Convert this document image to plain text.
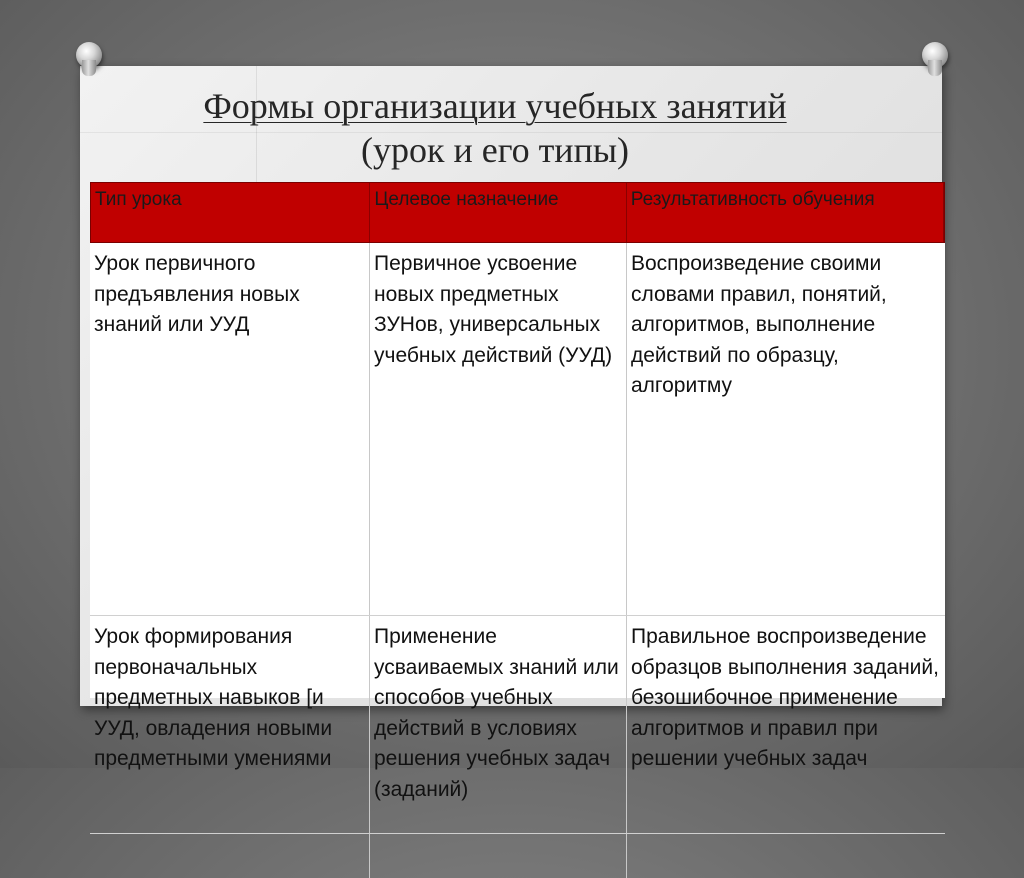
Формы организации учебных занятий
(урок и его типы)
Тип урока	Целевое назначение	Результативность обучения
Урок первичного предъявления новых знаний или УУД
Первичное усвоение новых предметных ЗУНов, универсальных учебных действий (УУД)
Воспроизведение своими словами правил, понятий, алгоритмов, выполнение действий по образцу, алгоритму
Урок формирования первоначальных предметных навыков [и УУД, овладения новыми предметными умениями
Применение усваиваемых знаний или способов учебных действий в условиях решения учебных задач (заданий)
Правильное воспроизведение образцов выполнения заданий, безошибочное применение алгоритмов и правил при решении учебных задач
